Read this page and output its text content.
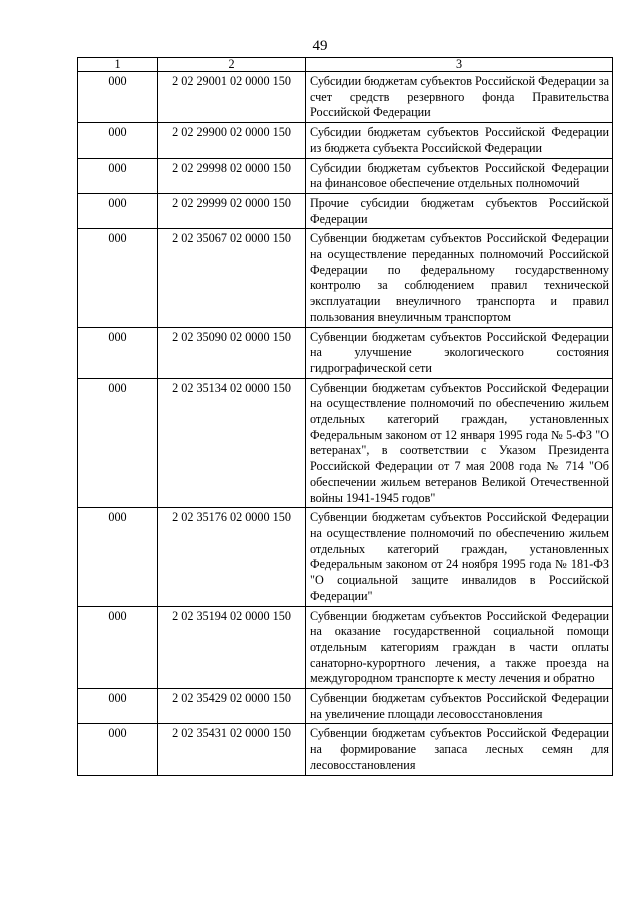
49
1	2	3
000	2 02 29001 02 0000 150	Субсидии бюджетам субъектов Российской Федерации за счет средств резервного фонда Правительства Российской Федерации
000	2 02 29900 02 0000 150	Субсидии бюджетам субъектов Российской Федерации из бюджета субъекта Российской Федерации
000	2 02 29998 02 0000 150	Субсидии бюджетам субъектов Российской Федерации на финансовое обеспечение отдельных полномочий
000	2 02 29999 02 0000 150	Прочие субсидии бюджетам субъектов Российской Федерации
000	2 02 35067 02 0000 150	Субвенции бюджетам субъектов Российской Федерации на осуществление переданных полномочий Российской Федерации по федеральному государственному контролю за соблюдением правил технической эксплуатации внеуличного транспорта и правил пользования внеуличным транспортом
000	2 02 35090 02 0000 150	Субвенции бюджетам субъектов Российской Федерации на улучшение экологического состояния гидрографической сети
000	2 02 35134 02 0000 150	Субвенции бюджетам субъектов Российской Федерации на осуществление полномочий по обеспечению жильем отдельных категорий граждан, установленных Федеральным законом от 12 января 1995 года № 5-ФЗ "О ветеранах", в соответствии с Указом Президента Российской Федерации от 7 мая 2008 года № 714 "Об обеспечении жильем ветеранов Великой Отечественной войны 1941-1945 годов"
000	2 02 35176 02 0000 150	Субвенции бюджетам субъектов Российской Федерации на осуществление полномочий по обеспечению жильем отдельных категорий граждан, установленных Федеральным законом от 24 ноября 1995 года № 181-ФЗ "О социальной защите инвалидов в Российской Федерации"
000	2 02 35194 02 0000 150	Субвенции бюджетам субъектов Российской Федерации на оказание государственной социальной помощи отдельным категориям граждан в части оплаты санаторно-курортного лечения, а также проезда на междугородном транспорте к месту лечения и обратно
000	2 02 35429 02 0000 150	Субвенции бюджетам субъектов Российской Федерации на увеличение площади лесовосстановления
000	2 02 35431 02 0000 150	Субвенции бюджетам субъектов Российской Федерации на формирование запаса лесных семян для лесовосстановления
